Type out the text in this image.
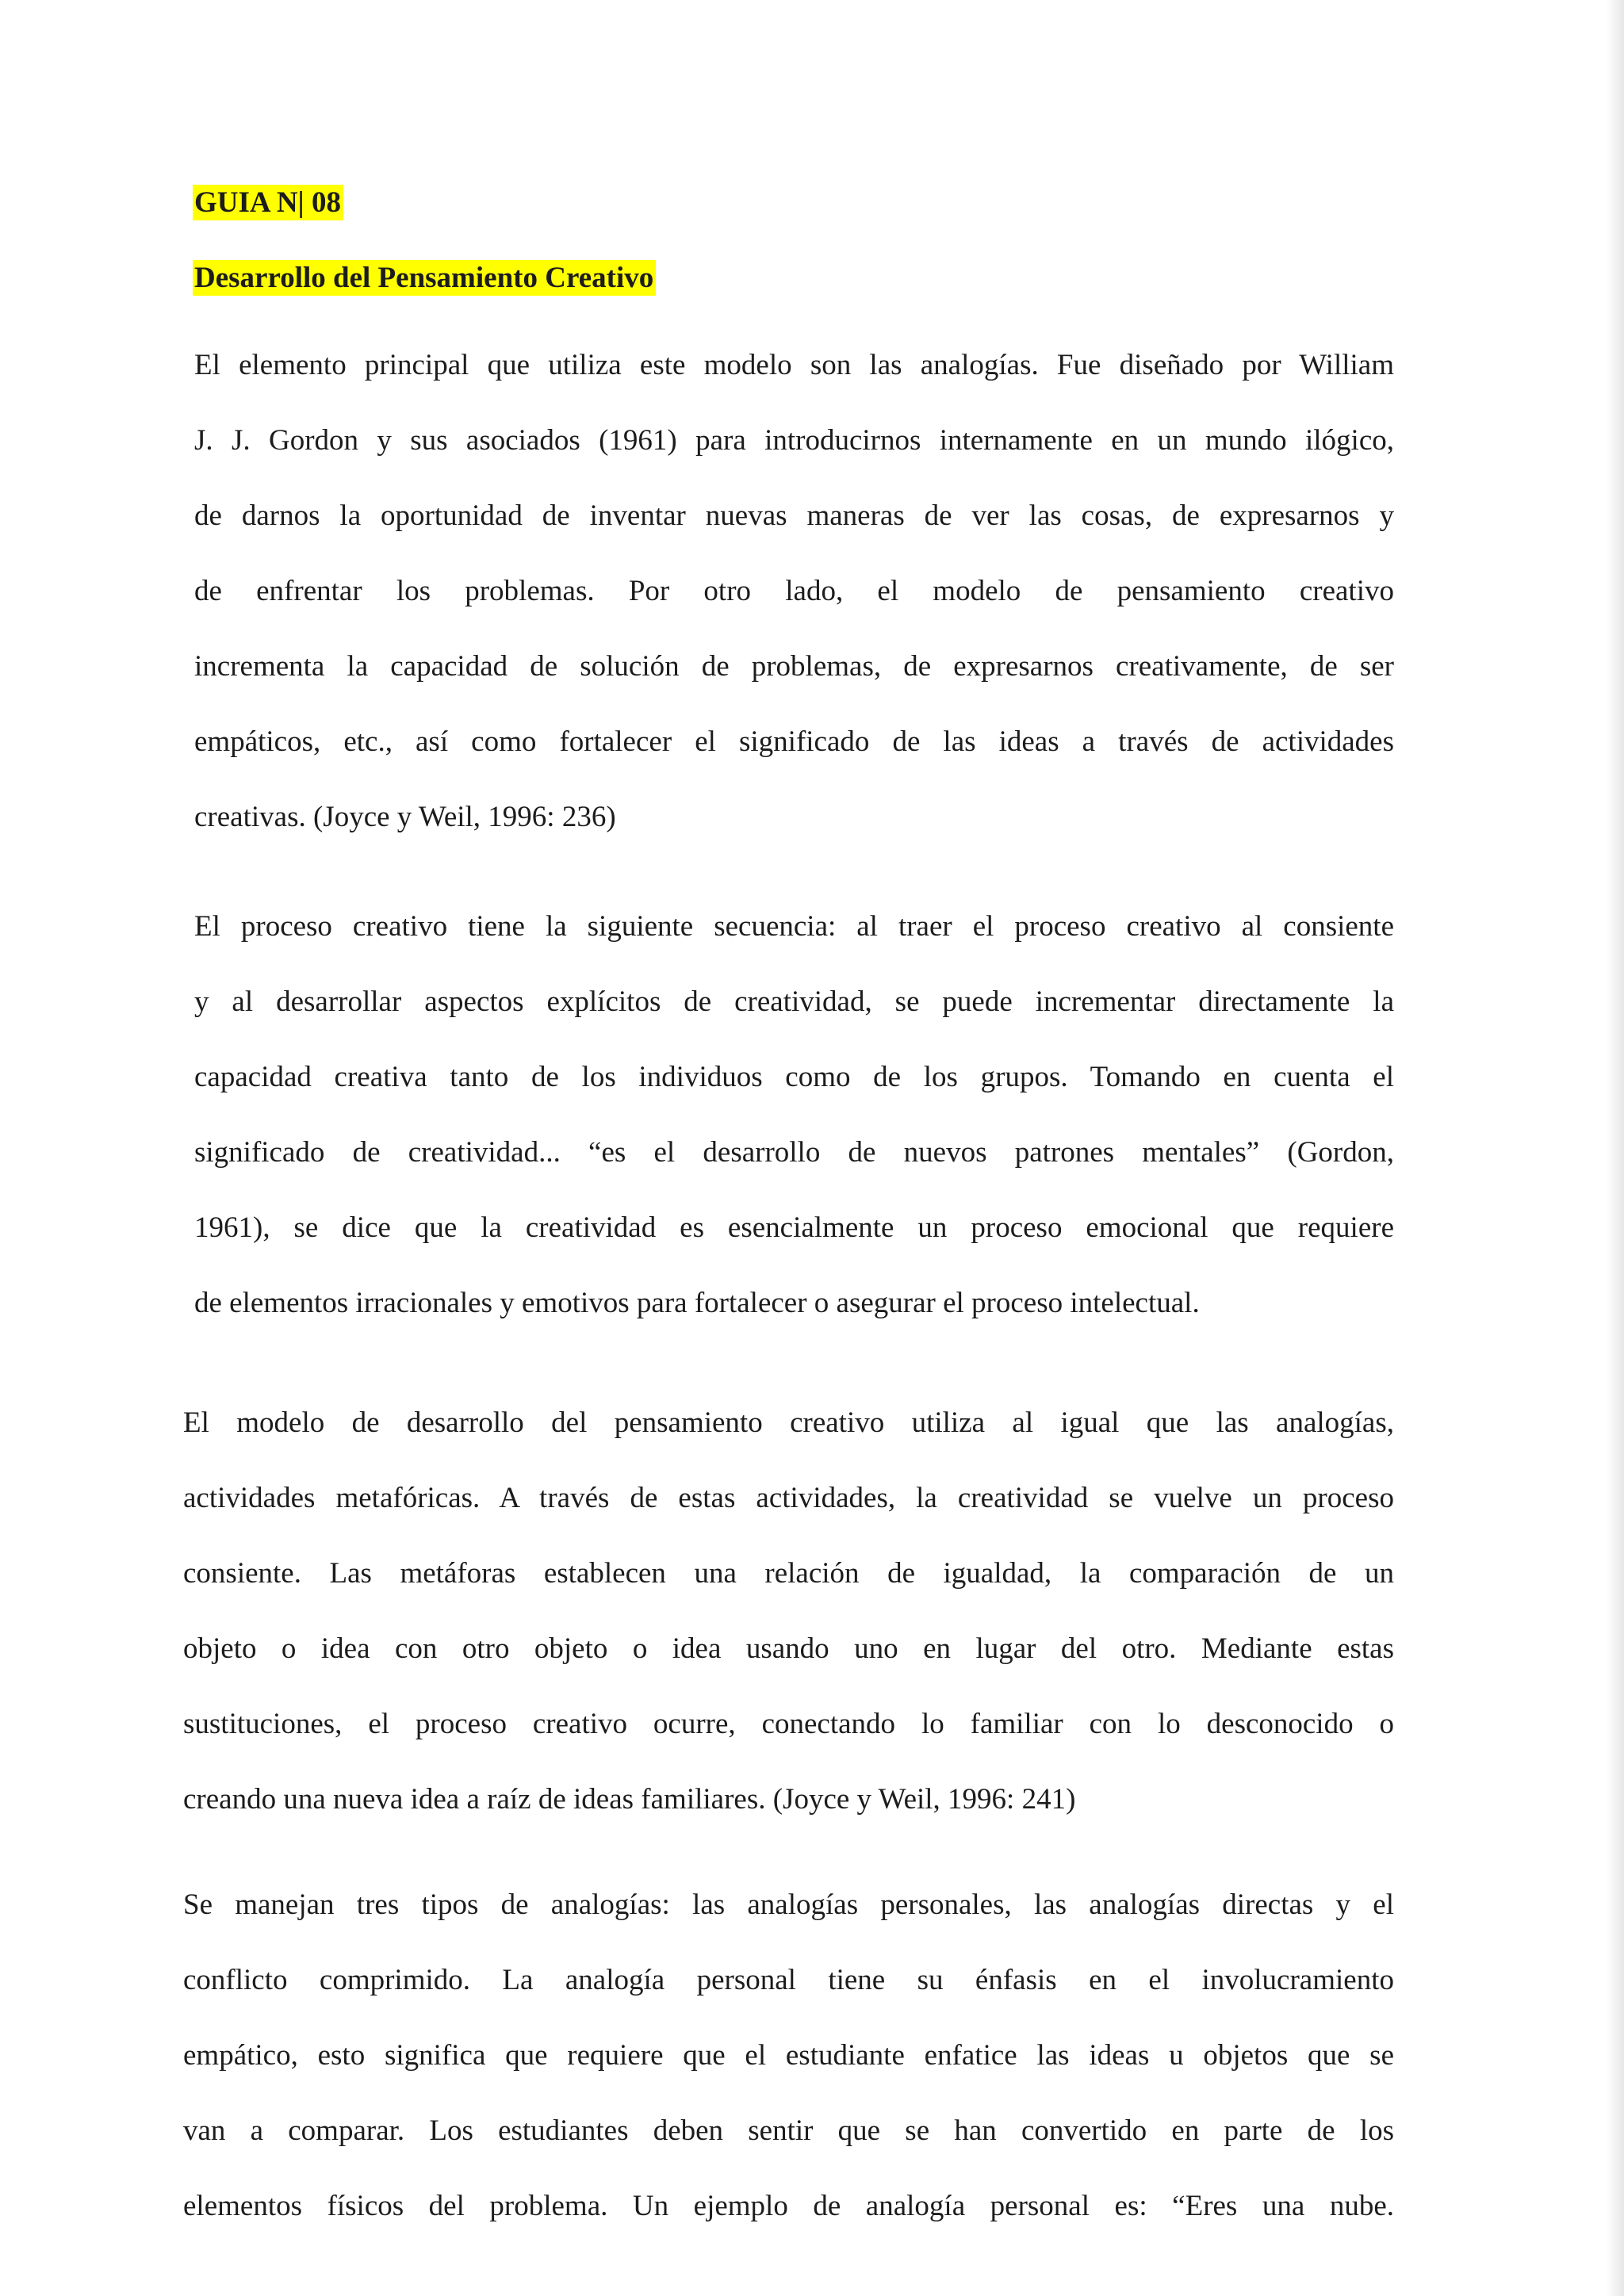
GUIA N| 08
Desarrollo del Pensamiento Creativo
El elemento principal que utiliza este modelo son las analogías. Fue diseñado por William
J. J. Gordon y sus asociados (1961) para introducirnos internamente en un mundo ilógico,
de darnos la oportunidad de inventar nuevas maneras de ver las cosas, de expresarnos y
de enfrentar los problemas. Por otro lado, el modelo de pensamiento creativo
incrementa la capacidad de solución de problemas, de expresarnos creativamente, de ser
empáticos, etc., así como fortalecer el significado de las ideas a través de actividades
creativas. (Joyce y Weil, 1996: 236)
El proceso creativo tiene la siguiente secuencia: al traer el proceso creativo al consiente
y al desarrollar aspectos explícitos de creatividad, se puede incrementar directamente la
capacidad creativa tanto de los individuos como de los grupos. Tomando en cuenta el
significado de creatividad... “es el desarrollo de nuevos patrones mentales” (Gordon,
1961), se dice que la creatividad es esencialmente un proceso emocional que requiere
de elementos irracionales y emotivos para fortalecer o asegurar el proceso intelectual.
El modelo de desarrollo del pensamiento creativo utiliza al igual que las analogías,
actividades metafóricas. A través de estas actividades, la creatividad se vuelve un proceso
consiente. Las metáforas establecen una relación de igualdad, la comparación de un
objeto o idea con otro objeto o idea usando uno en lugar del otro. Mediante estas
sustituciones, el proceso creativo ocurre, conectando lo familiar con lo desconocido o
creando una nueva idea a raíz de ideas familiares. (Joyce y Weil, 1996: 241)
Se manejan tres tipos de analogías: las analogías personales, las analogías directas y el
conflicto comprimido. La analogía personal tiene su énfasis en el involucramiento
empático, esto significa que requiere que el estudiante enfatice las ideas u objetos que se
van a comparar. Los estudiantes deben sentir que se han convertido en parte de los
elementos físicos del problema. Un ejemplo de analogía personal es: “Eres una nube.
